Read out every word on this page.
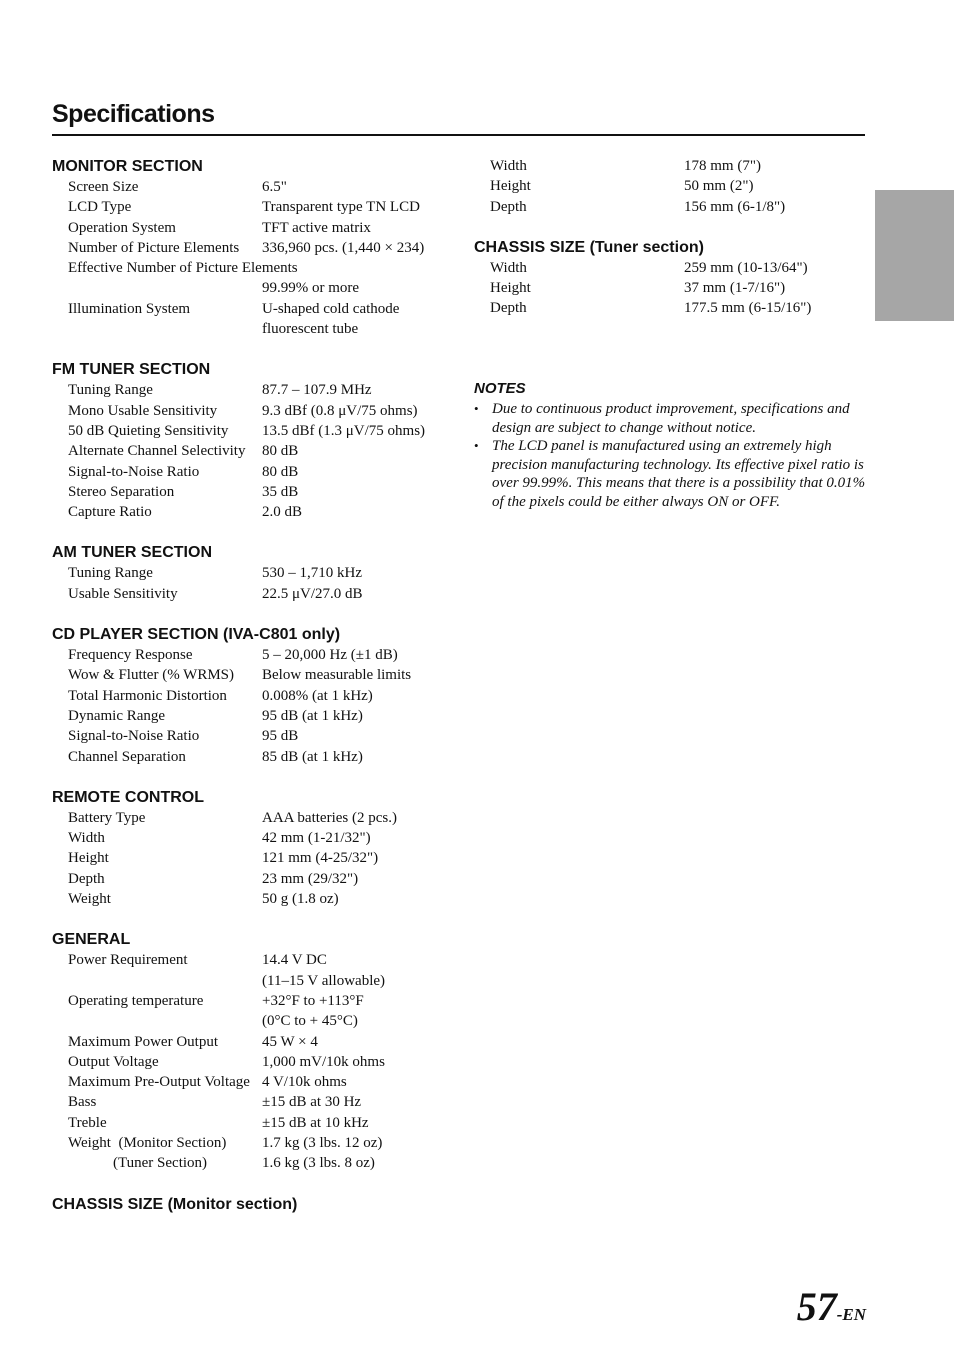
Specifications
MONITOR SECTION
Screen Size	6.5"
LCD Type	Transparent type TN LCD
Operation System	TFT active matrix
Number of Picture Elements	336,960 pcs. (1,440 × 234)
Effective Number of Picture Elements
99.99% or more
Illumination System	U-shaped cold cathode
fluorescent tube
FM TUNER SECTION
Tuning Range	87.7 – 107.9 MHz
Mono Usable Sensitivity	9.3 dBf (0.8 μV/75 ohms)
50 dB Quieting Sensitivity	13.5 dBf (1.3 μV/75 ohms)
Alternate Channel Selectivity	80 dB
Signal-to-Noise Ratio	80 dB
Stereo Separation	35 dB
Capture Ratio	2.0 dB
AM TUNER SECTION
Tuning Range	530 – 1,710 kHz
Usable Sensitivity	22.5 μV/27.0 dB
CD PLAYER SECTION (IVA-C801 only)
Frequency Response	5 – 20,000 Hz (±1 dB)
Wow & Flutter (% WRMS)	Below measurable limits
Total Harmonic Distortion	0.008% (at 1 kHz)
Dynamic Range	95 dB (at 1 kHz)
Signal-to-Noise Ratio	95 dB
Channel Separation	85 dB (at 1 kHz)
REMOTE CONTROL
Battery Type	AAA batteries (2 pcs.)
Width	42 mm (1-21/32")
Height	121 mm (4-25/32")
Depth	23 mm (29/32")
Weight	50 g (1.8 oz)
GENERAL
Power Requirement	14.4 V DC
(11–15 V allowable)
Operating temperature	+32°F to +113°F
(0°C to + 45°C)
Maximum Power Output	45 W × 4
Output Voltage	1,000 mV/10k ohms
Maximum Pre-Output Voltage 4 V/10k ohms
Bass	±15 dB at 30 Hz
Treble	±15 dB at 10 kHz
Weight  (Monitor Section)	1.7 kg (3 lbs. 12 oz)
(Tuner Section)	1.6 kg (3 lbs. 8 oz)
CHASSIS SIZE (Monitor section)
Width	178 mm (7")
Height	50 mm (2")
Depth	156 mm (6-1/8")
CHASSIS SIZE (Tuner section)
Width	259 mm (10-13/64")
Height	37 mm (1-7/16")
Depth	177.5 mm (6-15/16")
NOTES
• Due to continuous product improvement, specifications and design are subject to change without notice.
• The LCD panel is manufactured using an extremely high precision manufacturing technology. Its effective pixel ratio is over 99.99%. This means that there is a possibility that 0.01% of the pixels could be either always ON or OFF.
57-EN
